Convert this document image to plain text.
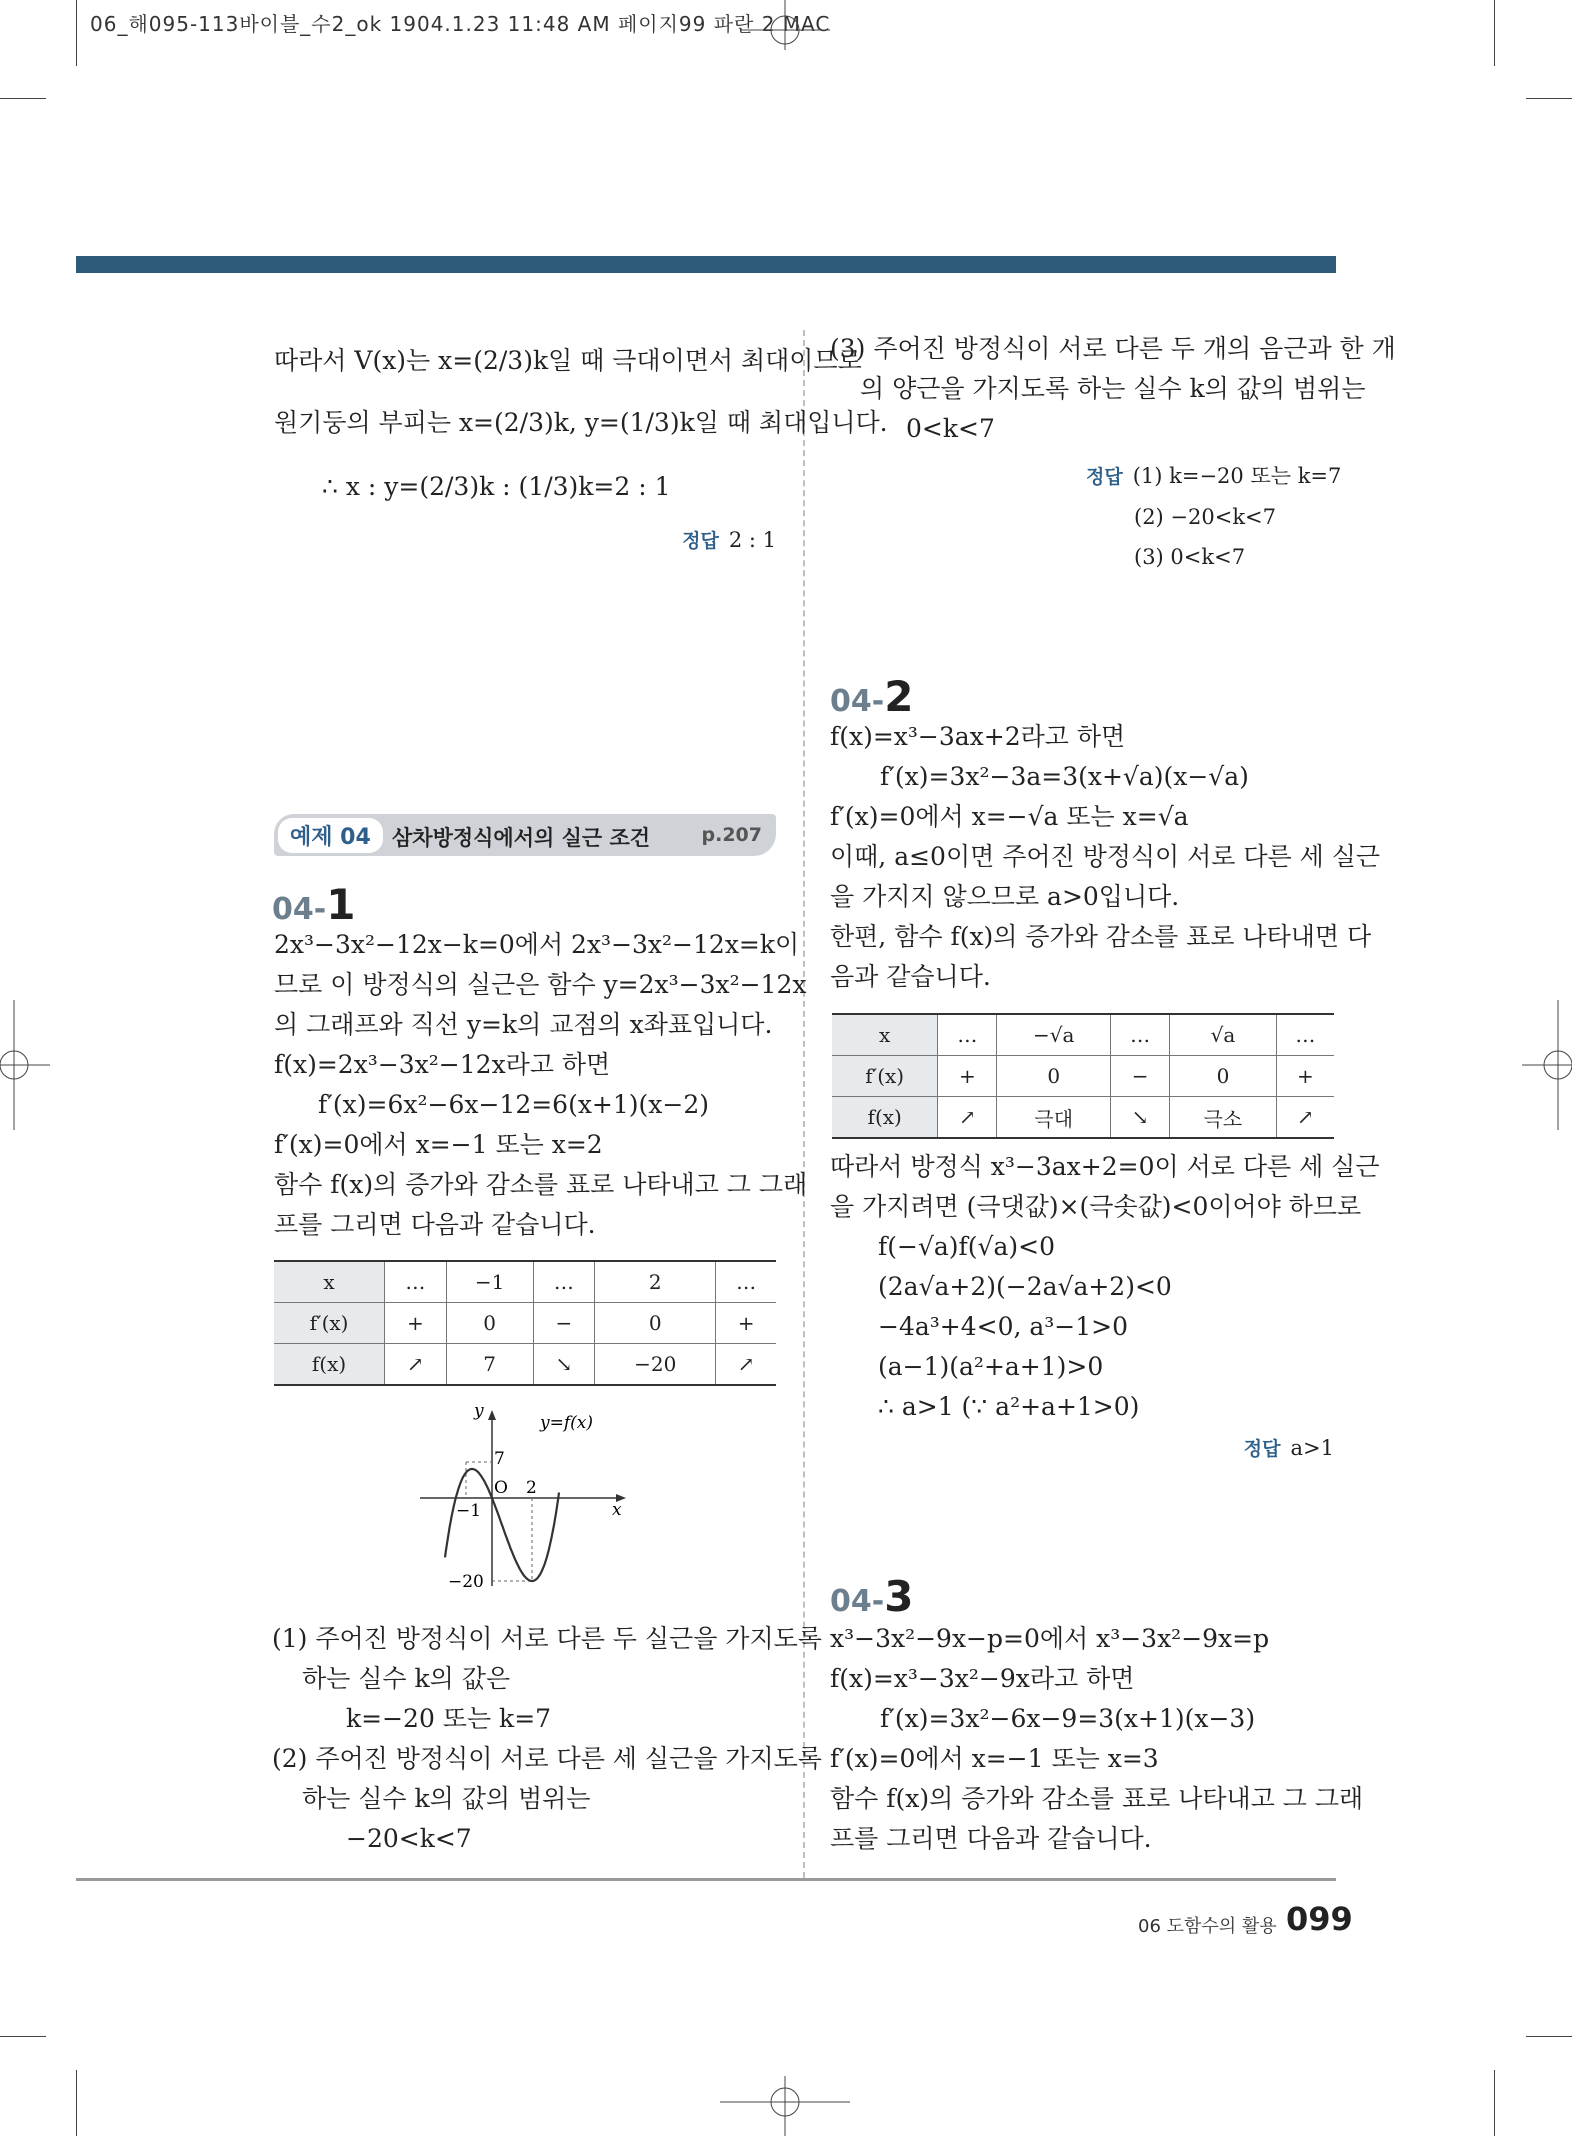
06_해095-113바이블_수2_ok 1904.1.23 11:48 AM 페이지99 파란 2 MAC
따라서 V(x)는 x=(2/3)k일 때 극대이면서 최대이므로
원기둥의 부피는 x=(2/3)k, y=(1/3)k일 때 최대입니다.
∴ x : y=(2/3)k : (1/3)k=2 : 1
정답 2 : 1
예제 04	삼차방정식에서의 실근 조건	p.207
04-1
2x³−3x²−12x−k=0에서 2x³−3x²−12x=k이
므로 이 방정식의 실근은 함수 y=2x³−3x²−12x
의 그래프와 직선 y=k의 교점의 x좌표입니다.
f(x)=2x³−3x²−12x라고 하면
f′(x)=6x²−6x−12=6(x+1)(x−2)
f′(x)=0에서 x=−1 또는 x=2
함수 f(x)의 증가와 감소를 표로 나타내고 그 그래
프를 그리면 다음과 같습니다.
x	…	−1	…	2	…
f′(x)	+	0	−	0	+
f(x)	↗	7	↘	−20	↗
y
x
y=f(x)
O 2
−1
7
−20
(1) 주어진 방정식이 서로 다른 두 실근을 가지도록
하는 실수 k의 값은
k=−20 또는 k=7
(2) 주어진 방정식이 서로 다른 세 실근을 가지도록
하는 실수 k의 값의 범위는
−20<k<7
(3) 주어진 방정식이 서로 다른 두 개의 음근과 한 개
의 양근을 가지도록 하는 실수 k의 값의 범위는
0<k<7
정답 (1) k=−20 또는 k=7
(2) −20<k<7
(3) 0<k<7
04-2
f(x)=x³−3ax+2라고 하면
f′(x)=3x²−3a=3(x+√a)(x−√a)
f′(x)=0에서 x=−√a 또는 x=√a
이때, a≤0이면 주어진 방정식이 서로 다른 세 실근
을 가지지 않으므로 a>0입니다.
한편, 함수 f(x)의 증가와 감소를 표로 나타내면 다
음과 같습니다.
x	…	−√a	…	√a	…
f′(x)	+	0	−	0	+
f(x)	↗	극대	↘	극소	↗
따라서 방정식 x³−3ax+2=0이 서로 다른 세 실근
을 가지려면 (극댓값)×(극솟값)<0이어야 하므로
f(−√a)f(√a)<0
(2a√a+2)(−2a√a+2)<0
−4a³+4<0, a³−1>0
(a−1)(a²+a+1)>0
∴ a>1 (∵ a²+a+1>0)
정답 a>1
04-3
x³−3x²−9x−p=0에서 x³−3x²−9x=p
f(x)=x³−3x²−9x라고 하면
f′(x)=3x²−6x−9=3(x+1)(x−3)
f′(x)=0에서 x=−1 또는 x=3
함수 f(x)의 증가와 감소를 표로 나타내고 그 그래
프를 그리면 다음과 같습니다.
06 도함수의 활용 099
